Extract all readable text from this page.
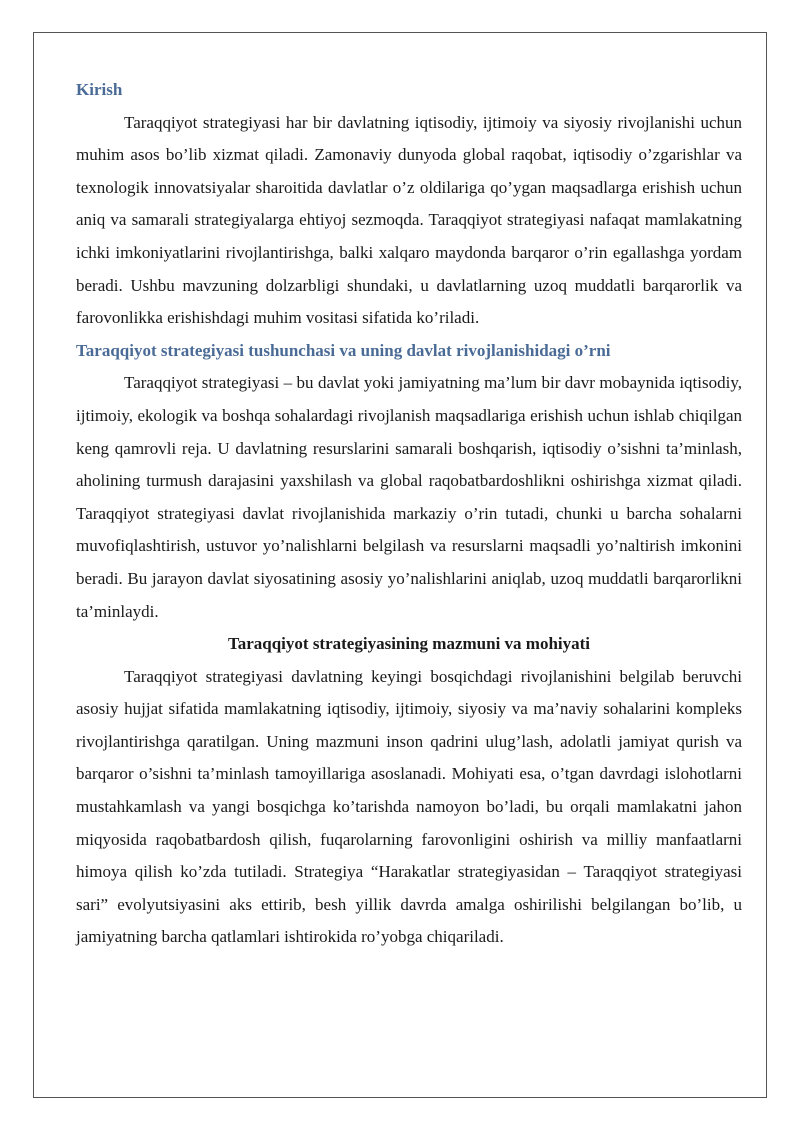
Kirish

Taraqqiyot strategiyasi har bir davlatning iqtisodiy, ijtimoiy va siyosiy rivojlanishi uchun muhim asos bo’lib xizmat qiladi. Zamonaviy dunyoda global raqobat, iqtisodiy o’zgarishlar va texnologik innovatsiyalar sharoitida davlatlar o’z oldilariga qo’ygan maqsadlarga erishish uchun aniq va samarali strategiyalarga ehtiyoj sezmoqda. Taraqqiyot strategiyasi nafaqat mamlakatning ichki imkoniyatlarini rivojlantirishga, balki xalqaro maydonda barqaror o’rin egallashga yordam beradi. Ushbu mavzuning dolzarbligi shundaki, u davlatlarning uzoq muddatli barqarorlik va farovonlikka erishishdagi muhim vositasi sifatida ko’riladi.

Taraqqiyot strategiyasi tushunchasi va uning davlat rivojlanishidagi o’rni

Taraqqiyot strategiyasi – bu davlat yoki jamiyatning ma’lum bir davr mobaynida iqtisodiy, ijtimoiy, ekologik va boshqa sohalardagi rivojlanish maqsadlariga erishish uchun ishlab chiqilgan keng qamrovli reja. U davlatning resurslarini samarali boshqarish, iqtisodiy o’sishni ta’minlash, aholining turmush darajasini yaxshilash va global raqobatbardoshlikni oshirishga xizmat qiladi. Taraqqiyot strategiyasi davlat rivojlanishida markaziy o’rin tutadi, chunki u barcha sohalarni muvofiqlashtirish, ustuvor yo’nalishlarni belgilash va resurslarni maqsadli yo’naltirish imkonini beradi. Bu jarayon davlat siyosatining asosiy yo’nalishlarini aniqlab, uzoq muddatli barqarorlikni ta’minlaydi.

Taraqqiyot strategiyasining mazmuni va mohiyati

Taraqqiyot strategiyasi davlatning keyingi bosqichdagi rivojlanishini belgilab beruvchi asosiy hujjat sifatida mamlakatning iqtisodiy, ijtimoiy, siyosiy va ma’naviy sohalarini kompleks rivojlantirishga qaratilgan. Uning mazmuni inson qadrini ulug’lash, adolatli jamiyat qurish va barqaror o’sishni ta’minlash tamoyillariga asoslanadi. Mohiyati esa, o’tgan davrdagi islohotlarni mustahkamlash va yangi bosqichga ko’tarishda namoyon bo’ladi, bu orqali mamlakatni jahon miqyosida raqobatbardosh qilish, fuqarolarning farovonligini oshirish va milliy manfaatlarni himoya qilish ko’zda tutiladi. Strategiya “Harakatlar strategiyasidan – Taraqqiyot strategiyasi sari” evolyutsiyasini aks ettirib, besh yillik davrda amalga oshirilishi belgilangan bo’lib, u jamiyatning barcha qatlamlari ishtirokida ro’yobga chiqariladi.
